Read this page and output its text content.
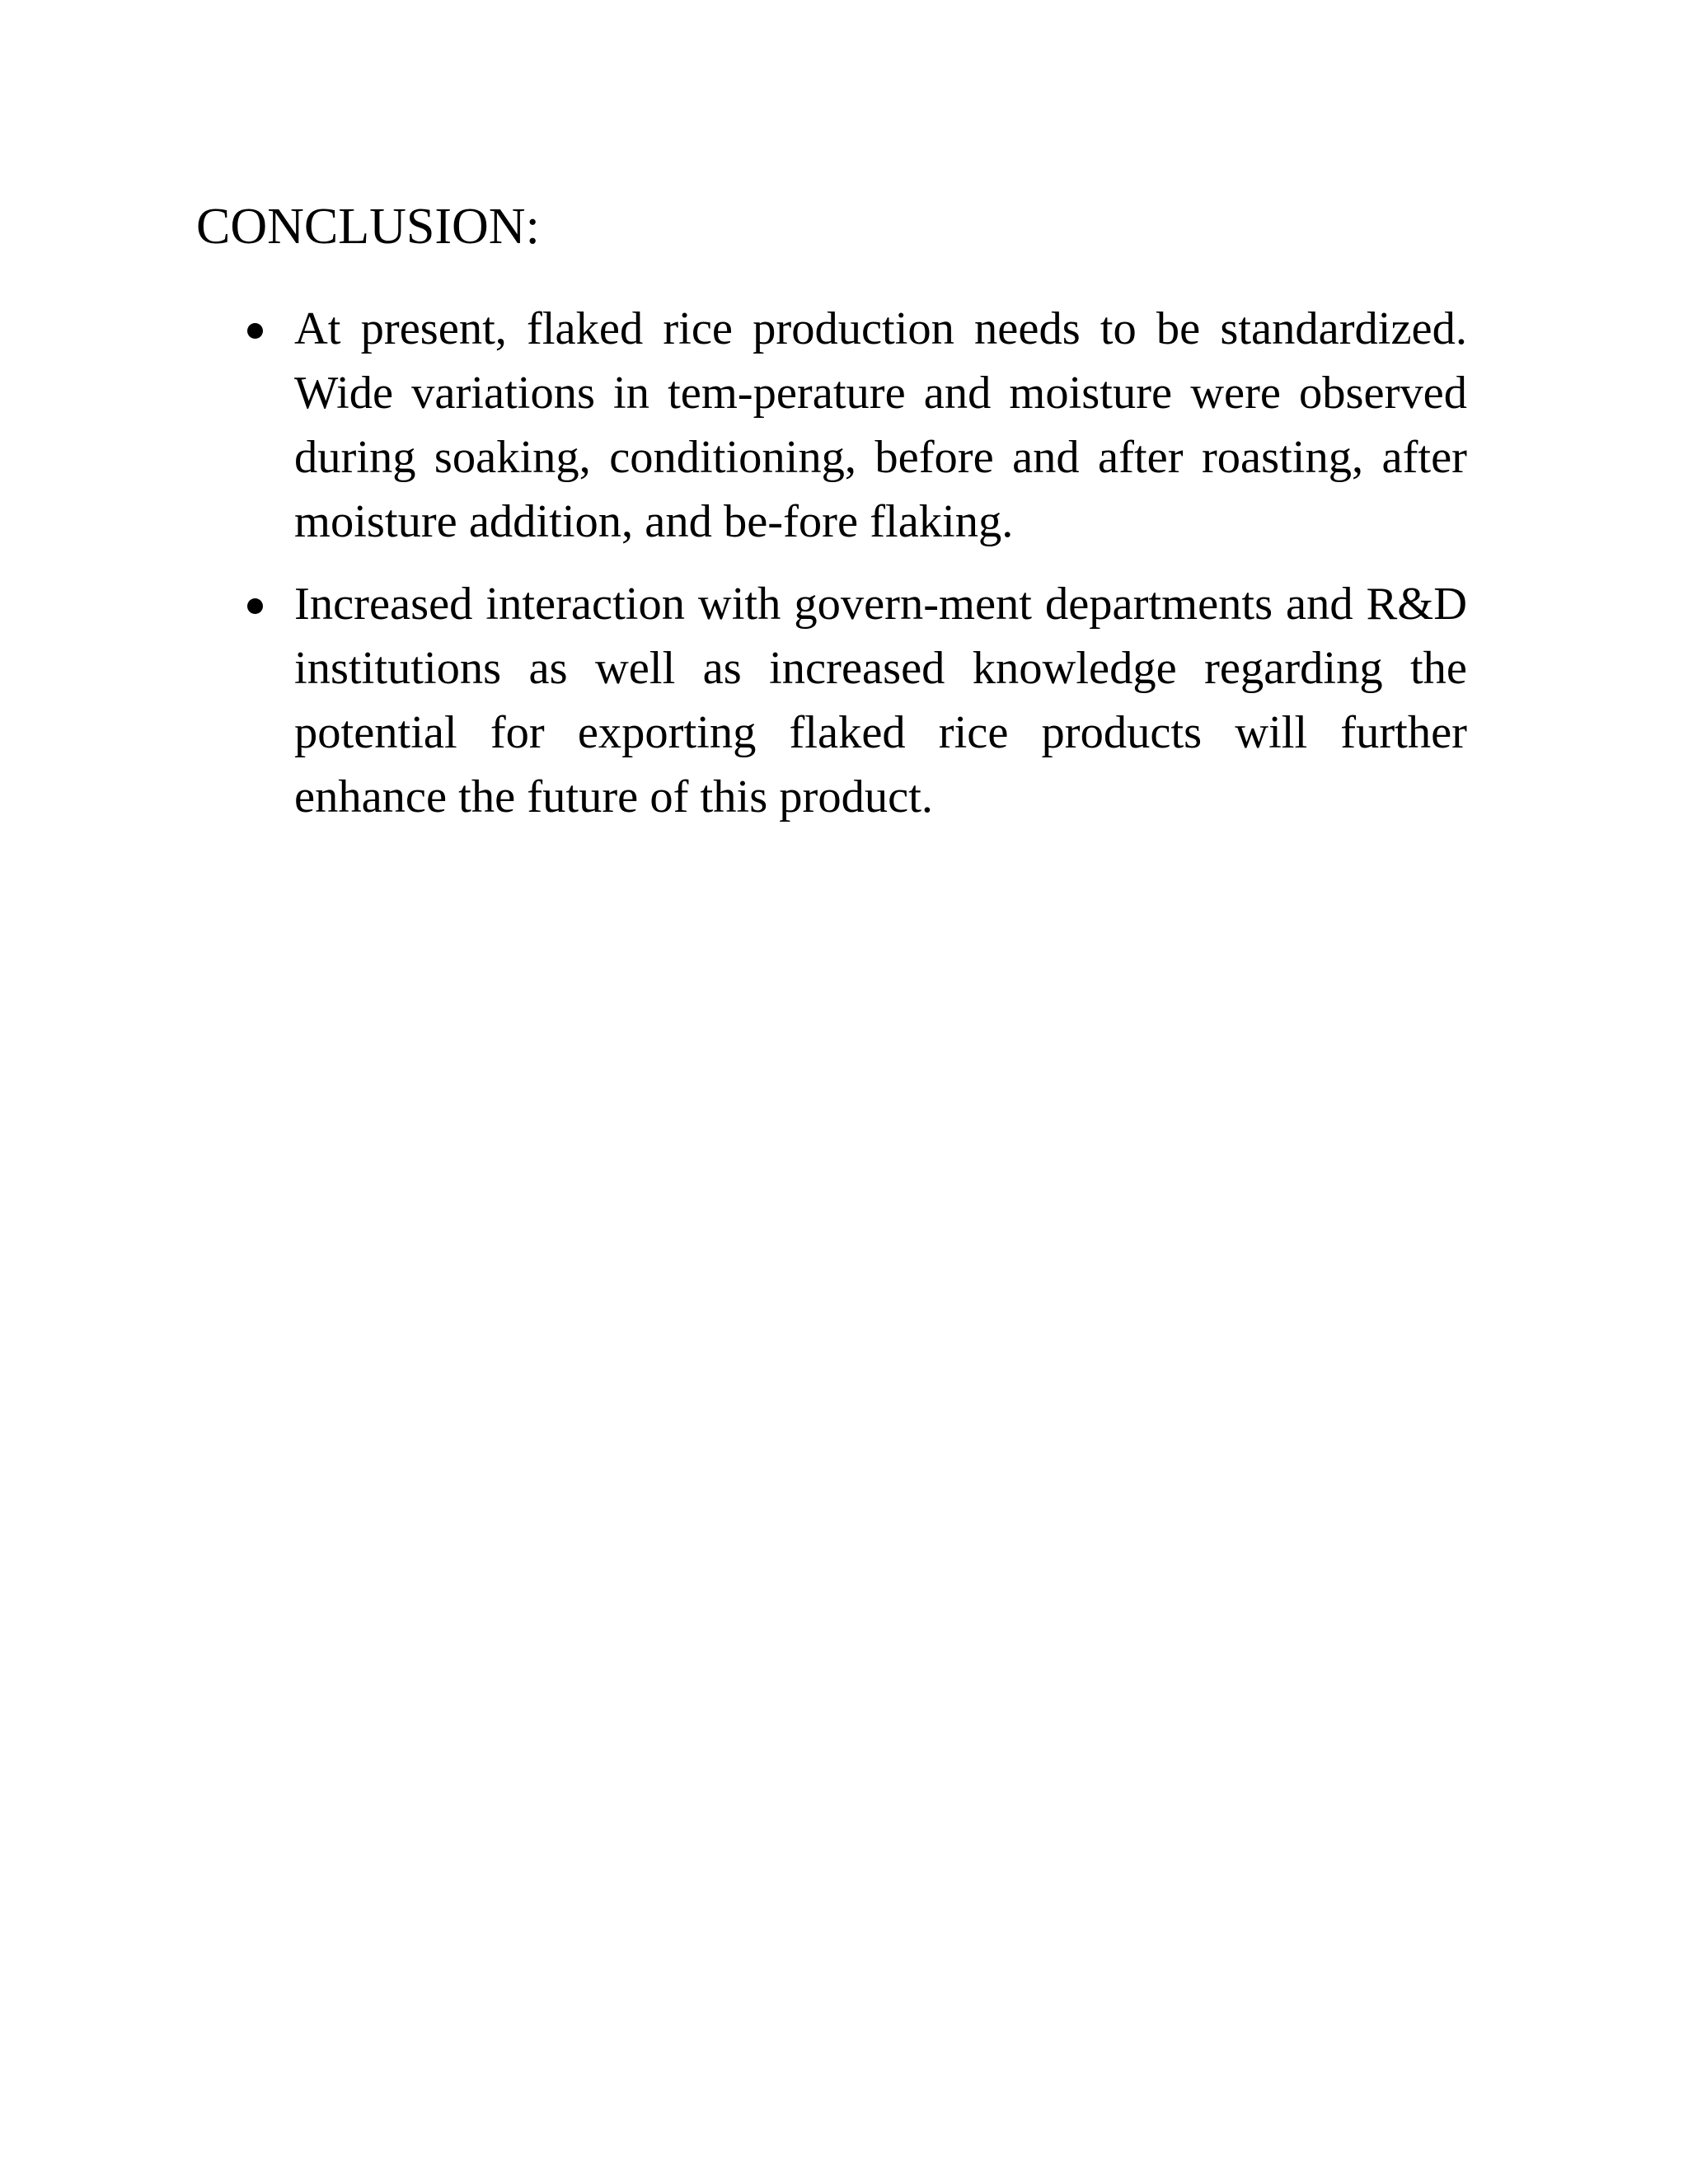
CONCLUSION:
At present, flaked rice production needs to be standardized. Wide variations in tem-perature and moisture were observed during soaking, conditioning, before and after roasting, after moisture addition, and be-fore flaking.
Increased interaction with govern-ment departments and R&D institutions as well as increased knowledge regarding the potential for exporting flaked rice products will further enhance the future of this product.
